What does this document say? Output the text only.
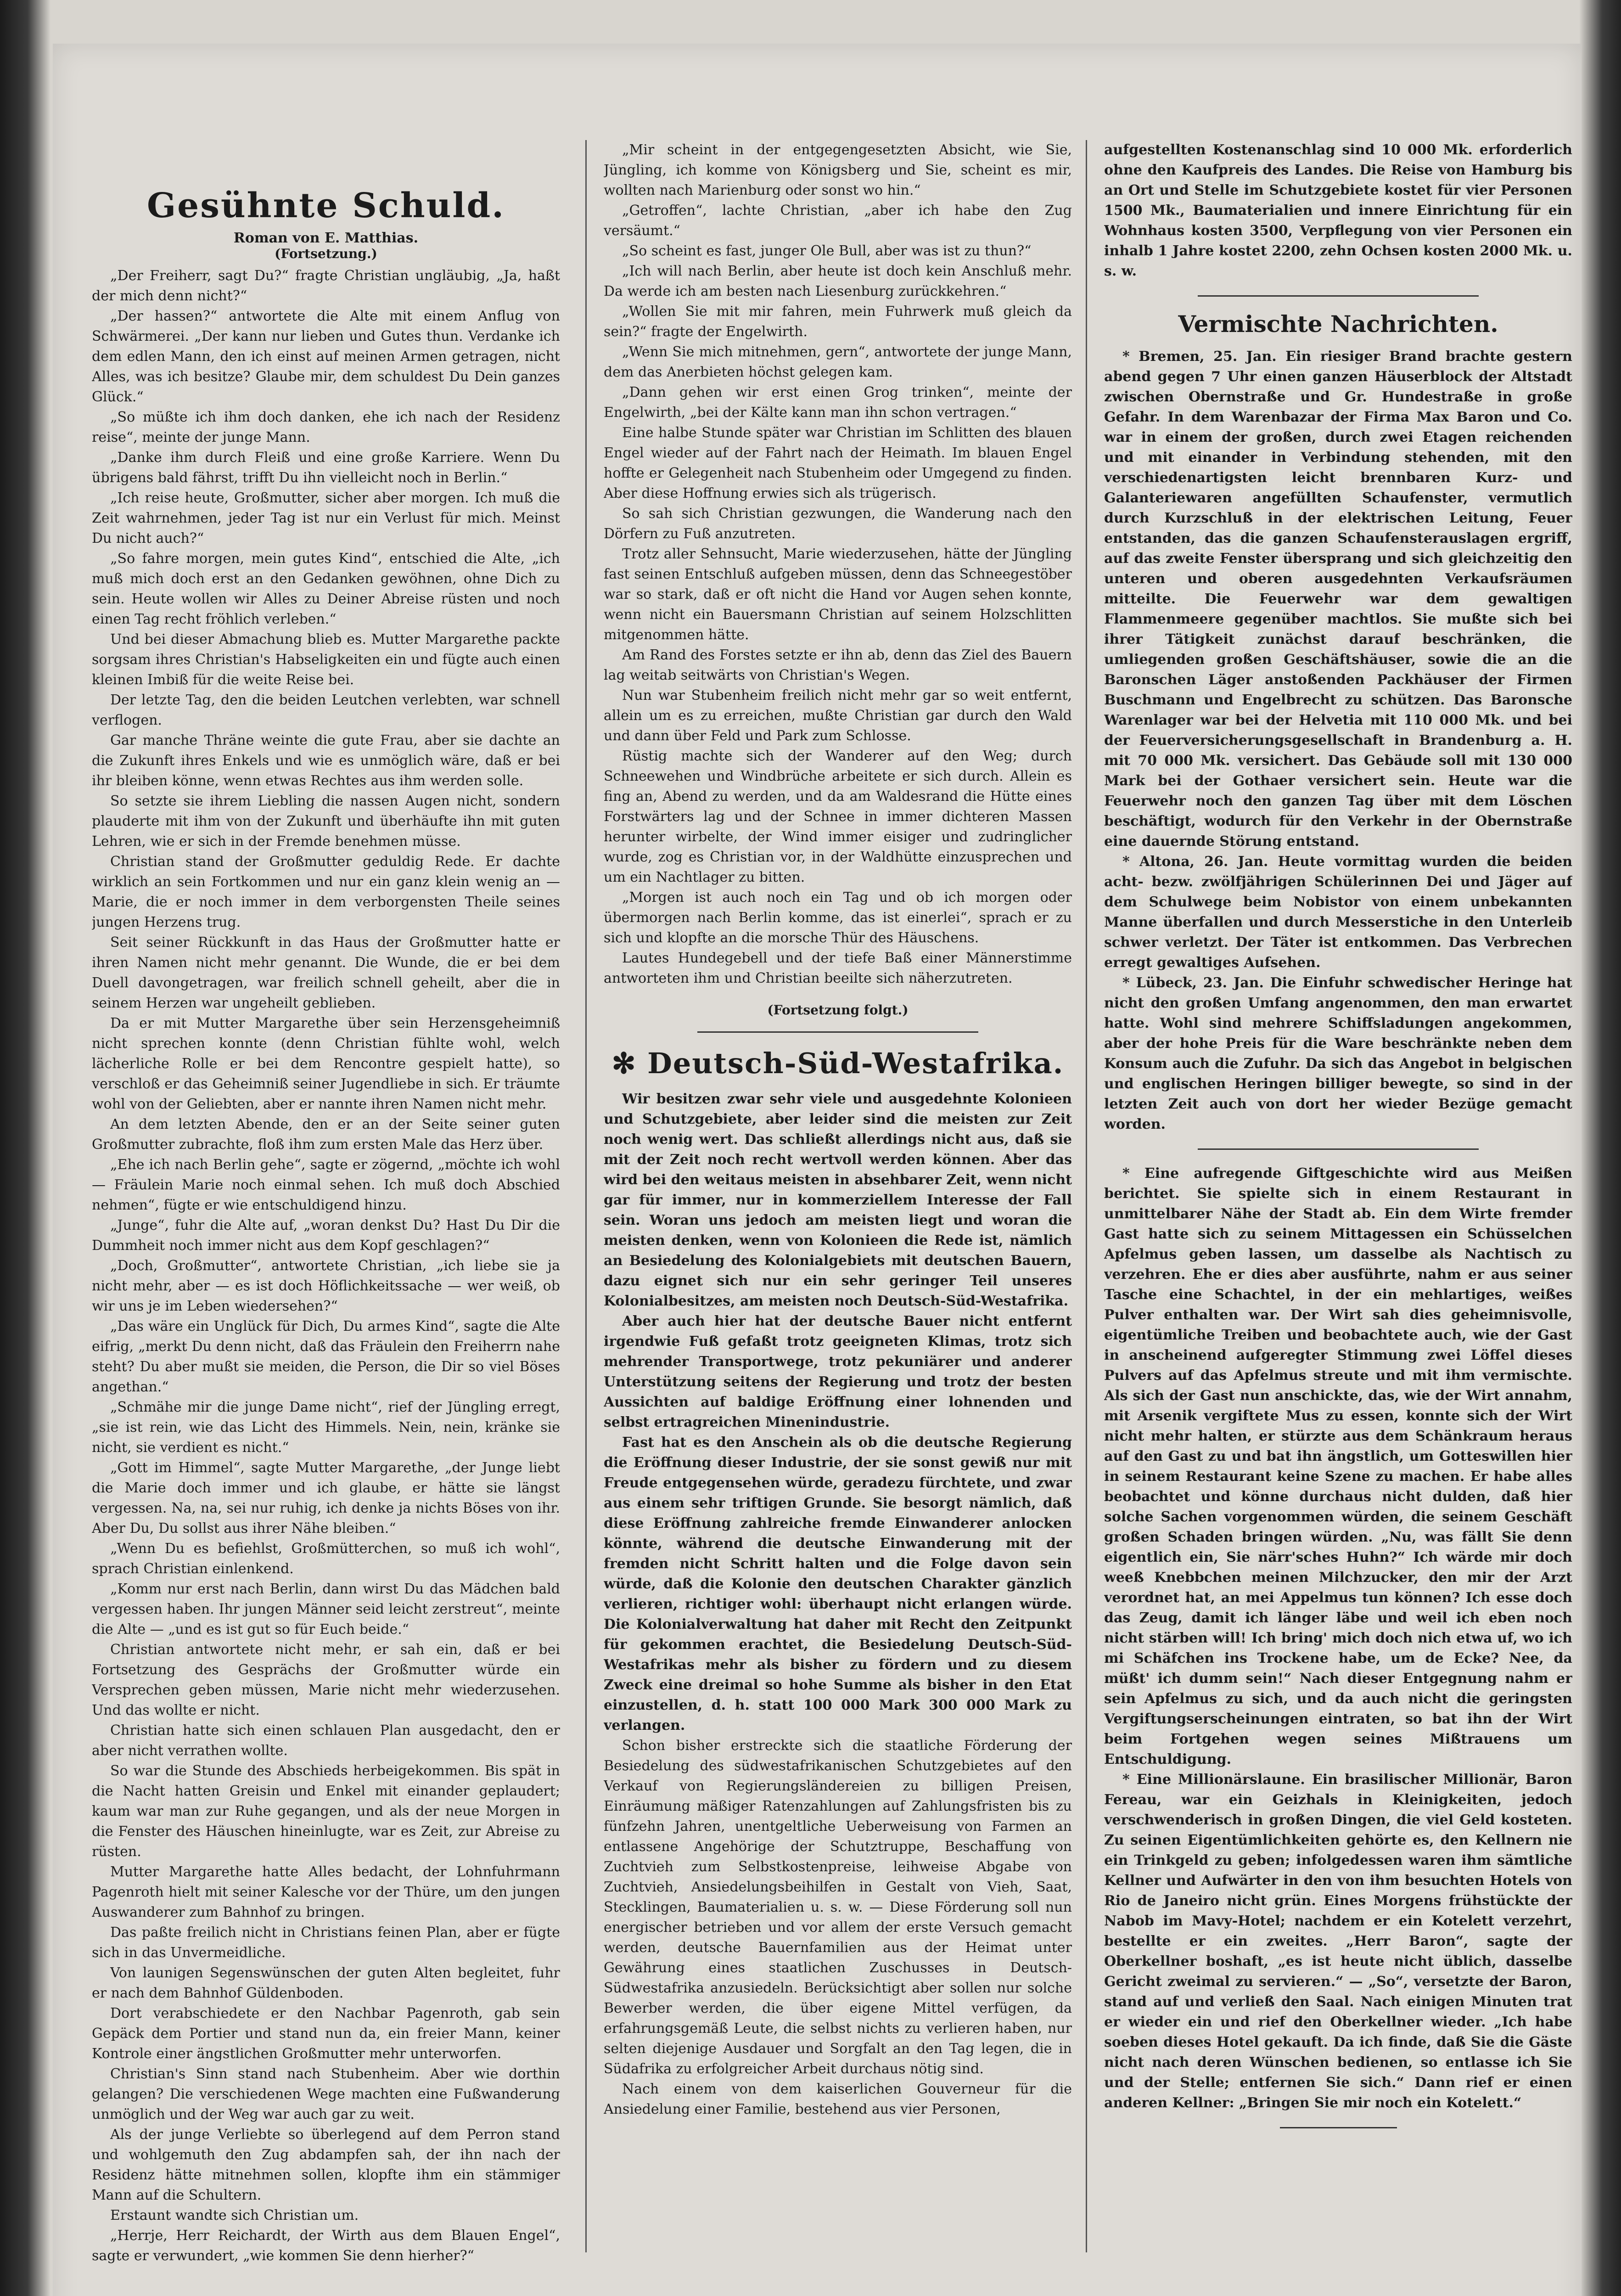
Gesühnte Schuld.

Roman von E. Matthias.

(Fortsetzung.)

„Der Freiherr, sagt Du?“ fragte Christian ungläubig, „Ja, haßt der mich denn nicht?“

„Der hassen?“ antwortete die Alte mit einem Anflug von Schwärmerei. „Der kann nur lieben und Gutes thun. Verdanke ich dem edlen Mann, den ich einst auf meinen Armen getragen, nicht Alles, was ich besitze? Glaube mir, dem schuldest Du Dein ganzes Glück.“

„So müßte ich ihm doch danken, ehe ich nach der Residenz reise“, meinte der junge Mann.

„Danke ihm durch Fleiß und eine große Karriere. Wenn Du übrigens bald fährst, trifft Du ihn vielleicht noch in Berlin.“

„Ich reise heute, Großmutter, sicher aber morgen. Ich muß die Zeit wahrnehmen, jeder Tag ist nur ein Verlust für mich. Meinst Du nicht auch?“

„So fahre morgen, mein gutes Kind“, entschied die Alte, „ich muß mich doch erst an den Gedanken gewöhnen, ohne Dich zu sein. Heute wollen wir Alles zu Deiner Abreise rüsten und noch einen Tag recht fröhlich verleben.“

Und bei dieser Abmachung blieb es. Mutter Margarethe packte sorgsam ihres Christian's Habseligkeiten ein und fügte auch einen kleinen Imbiß für die weite Reise bei.

Der letzte Tag, den die beiden Leutchen verlebten, war schnell verflogen.

Gar manche Thräne weinte die gute Frau, aber sie dachte an die Zukunft ihres Enkels und wie es unmöglich wäre, daß er bei ihr bleiben könne, wenn etwas Rechtes aus ihm werden solle.

So setzte sie ihrem Liebling die nassen Augen nicht, sondern plauderte mit ihm von der Zukunft und überhäufte ihn mit guten Lehren, wie er sich in der Fremde benehmen müsse.

Christian stand der Großmutter geduldig Rede. Er dachte wirklich an sein Fortkommen und nur ein ganz klein wenig an — Marie, die er noch immer in dem verborgensten Theile seines jungen Herzens trug.

Seit seiner Rückkunft in das Haus der Großmutter hatte er ihren Namen nicht mehr genannt. Die Wunde, die er bei dem Duell davongetragen, war freilich schnell geheilt, aber die in seinem Herzen war ungeheilt geblieben.

Da er mit Mutter Margarethe über sein Herzensgeheimniß nicht sprechen konnte (denn Christian fühlte wohl, welch lächerliche Rolle er bei dem Rencontre gespielt hatte), so verschloß er das Geheimniß seiner Jugendliebe in sich. Er träumte wohl von der Geliebten, aber er nannte ihren Namen nicht mehr.

An dem letzten Abende, den er an der Seite seiner guten Großmutter zubrachte, floß ihm zum ersten Male das Herz über.

„Ehe ich nach Berlin gehe“, sagte er zögernd, „möchte ich wohl — Fräulein Marie noch einmal sehen. Ich muß doch Abschied nehmen“, fügte er wie entschuldigend hinzu.

„Junge“, fuhr die Alte auf, „woran denkst Du? Hast Du Dir die Dummheit noch immer nicht aus dem Kopf geschlagen?“

„Doch, Großmutter“, antwortete Christian, „ich liebe sie ja nicht mehr, aber — es ist doch Höflichkeitssache — wer weiß, ob wir uns je im Leben wiedersehen?“

„Das wäre ein Unglück für Dich, Du armes Kind“, sagte die Alte eifrig, „merkt Du denn nicht, daß das Fräulein den Freiherrn nahe steht? Du aber mußt sie meiden, die Person, die Dir so viel Böses angethan.“

„Schmähe mir die junge Dame nicht“, rief der Jüngling erregt, „sie ist rein, wie das Licht des Himmels. Nein, nein, kränke sie nicht, sie verdient es nicht.“

„Gott im Himmel“, sagte Mutter Margarethe, „der Junge liebt die Marie doch immer und ich glaube, er hätte sie längst vergessen. Na, na, sei nur ruhig, ich denke ja nichts Böses von ihr. Aber Du, Du sollst aus ihrer Nähe bleiben.“

„Wenn Du es befiehlst, Großmütterchen, so muß ich wohl“, sprach Christian einlenkend.

„Komm nur erst nach Berlin, dann wirst Du das Mädchen bald vergessen haben. Ihr jungen Männer seid leicht zerstreut“, meinte die Alte — „und es ist gut so für Euch beide.“

Christian antwortete nicht mehr, er sah ein, daß er bei Fortsetzung des Gesprächs der Großmutter würde ein Versprechen geben müssen, Marie nicht mehr wiederzusehen. Und das wollte er nicht.

Christian hatte sich einen schlauen Plan ausgedacht, den er aber nicht verrathen wollte.

So war die Stunde des Abschieds herbeigekommen. Bis spät in die Nacht hatten Greisin und Enkel mit einander geplaudert; kaum war man zur Ruhe gegangen, und als der neue Morgen in die Fenster des Häuschen hineinlugte, war es Zeit, zur Abreise zu rüsten.

Mutter Margarethe hatte Alles bedacht, der Lohnfuhrmann Pagenroth hielt mit seiner Kalesche vor der Thüre, um den jungen Auswanderer zum Bahnhof zu bringen.

Das paßte freilich nicht in Christians feinen Plan, aber er fügte sich in das Unvermeidliche.

Von launigen Segenswünschen der guten Alten begleitet, fuhr er nach dem Bahnhof Güldenboden.

Dort verabschiedete er den Nachbar Pagenroth, gab sein Gepäck dem Portier und stand nun da, ein freier Mann, keiner Kontrole einer ängstlichen Großmutter mehr unterworfen.

Christian's Sinn stand nach Stubenheim. Aber wie dorthin gelangen? Die verschiedenen Wege machten eine Fußwanderung unmöglich und der Weg war auch gar zu weit.

Als der junge Verliebte so überlegend auf dem Perron stand und wohlgemuth den Zug abdampfen sah, der ihn nach der Residenz hätte mitnehmen sollen, klopfte ihm ein stämmiger Mann auf die Schultern.

Erstaunt wandte sich Christian um.

„Herrje, Herr Reichardt, der Wirth aus dem Blauen Engel“, sagte er verwundert, „wie kommen Sie denn hierher?“

„Mir scheint in der entgegengesetzten Absicht, wie Sie, Jüngling, ich komme von Königsberg und Sie, scheint es mir, wollten nach Marienburg oder sonst wo hin.“

„Getroffen“, lachte Christian, „aber ich habe den Zug versäumt.“

„So scheint es fast, junger Ole Bull, aber was ist zu thun?“

„Ich will nach Berlin, aber heute ist doch kein Anschluß mehr. Da werde ich am besten nach Liesenburg zurückkehren.“

„Wollen Sie mit mir fahren, mein Fuhrwerk muß gleich da sein?“ fragte der Engelwirth.

„Wenn Sie mich mitnehmen, gern“, antwortete der junge Mann, dem das Anerbieten höchst gelegen kam.

„Dann gehen wir erst einen Grog trinken“, meinte der Engelwirth, „bei der Kälte kann man ihn schon vertragen.“

Eine halbe Stunde später war Christian im Schlitten des blauen Engel wieder auf der Fahrt nach der Heimath. Im blauen Engel hoffte er Gelegenheit nach Stubenheim oder Umgegend zu finden. Aber diese Hoffnung erwies sich als trügerisch.

So sah sich Christian gezwungen, die Wanderung nach den Dörfern zu Fuß anzutreten.

Trotz aller Sehnsucht, Marie wiederzusehen, hätte der Jüngling fast seinen Entschluß aufgeben müssen, denn das Schneegestöber war so stark, daß er oft nicht die Hand vor Augen sehen konnte, wenn nicht ein Bauersmann Christian auf seinem Holzschlitten mitgenommen hätte.

Am Rand des Forstes setzte er ihn ab, denn das Ziel des Bauern lag weitab seitwärts von Christian's Wegen.

Nun war Stubenheim freilich nicht mehr gar so weit entfernt, allein um es zu erreichen, mußte Christian gar durch den Wald und dann über Feld und Park zum Schlosse.

Rüstig machte sich der Wanderer auf den Weg; durch Schneewehen und Windbrüche arbeitete er sich durch. Allein es fing an, Abend zu werden, und da am Waldesrand die Hütte eines Forstwärters lag und der Schnee in immer dichteren Massen herunter wirbelte, der Wind immer eisiger und zudringlicher wurde, zog es Christian vor, in der Waldhütte einzusprechen und um ein Nachtlager zu bitten.

„Morgen ist auch noch ein Tag und ob ich morgen oder übermorgen nach Berlin komme, das ist einerlei“, sprach er zu sich und klopfte an die morsche Thür des Häuschens.

Lautes Hundegebell und der tiefe Baß einer Männerstimme antworteten ihm und Christian beeilte sich näherzutreten.

(Fortsetzung folgt.)

✻ Deutsch-Süd-Westafrika.

Wir besitzen zwar sehr viele und ausgedehnte Kolonieen und Schutzgebiete, aber leider sind die meisten zur Zeit noch wenig wert. Das schließt allerdings nicht aus, daß sie mit der Zeit noch recht wertvoll werden können. Aber das wird bei den weitaus meisten in absehbarer Zeit, wenn nicht gar für immer, nur in kommerziellem Interesse der Fall sein. Woran uns jedoch am meisten liegt und woran die meisten denken, wenn von Kolonieen die Rede ist, nämlich an Besiedelung des Kolonialgebiets mit deutschen Bauern, dazu eignet sich nur ein sehr geringer Teil unseres Kolonialbesitzes, am meisten noch Deutsch-Süd-Westafrika.

Aber auch hier hat der deutsche Bauer nicht entfernt irgendwie Fuß gefaßt trotz geeigneten Klimas, trotz sich mehrender Transportwege, trotz pekuniärer und anderer Unterstützung seitens der Regierung und trotz der besten Aussichten auf baldige Eröffnung einer lohnenden und selbst ertragreichen Minenindustrie.

Fast hat es den Anschein als ob die deutsche Regierung die Eröffnung dieser Industrie, der sie sonst gewiß nur mit Freude entgegensehen würde, geradezu fürchtete, und zwar aus einem sehr triftigen Grunde. Sie besorgt nämlich, daß diese Eröffnung zahlreiche fremde Einwanderer anlocken könnte, während die deutsche Einwanderung mit der fremden nicht Schritt halten und die Folge davon sein würde, daß die Kolonie den deutschen Charakter gänzlich verlieren, richtiger wohl: überhaupt nicht erlangen würde. Die Kolonialverwaltung hat daher mit Recht den Zeitpunkt für gekommen erachtet, die Besiedelung Deutsch-Süd-Westafrikas mehr als bisher zu fördern und zu diesem Zweck eine dreimal so hohe Summe als bisher in den Etat einzustellen, d. h. statt 100 000 Mark 300 000 Mark zu verlangen.

Schon bisher erstreckte sich die staatliche Förderung der Besiedelung des südwestafrikanischen Schutzgebietes auf den Verkauf von Regierungsländereien zu billigen Preisen, Einräumung mäßiger Ratenzahlungen auf Zahlungsfristen bis zu fünfzehn Jahren, unentgeltliche Ueberweisung von Farmen an entlassene Angehörige der Schutztruppe, Beschaffung von Zuchtvieh zum Selbstkostenpreise, leihweise Abgabe von Zuchtvieh, Ansiedelungsbeihilfen in Gestalt von Vieh, Saat, Stecklingen, Baumaterialien u. s. w. — Diese Förderung soll nun energischer betrieben und vor allem der erste Versuch gemacht werden, deutsche Bauernfamilien aus der Heimat unter Gewährung eines staatlichen Zuschusses in Deutsch-Südwestafrika anzusiedeln. Berücksichtigt aber sollen nur solche Bewerber werden, die über eigene Mittel verfügen, da erfahrungsgemäß Leute, die selbst nichts zu verlieren haben, nur selten diejenige Ausdauer und Sorgfalt an den Tag legen, die in Südafrika zu erfolgreicher Arbeit durchaus nötig sind.

Nach einem von dem kaiserlichen Gouverneur für die Ansiedelung einer Familie, bestehend aus vier Personen,

aufgestellten Kostenanschlag sind 10 000 Mk. erforderlich ohne den Kaufpreis des Landes. Die Reise von Hamburg bis an Ort und Stelle im Schutzgebiete kostet für vier Personen 1500 Mk., Baumaterialien und innere Einrichtung für ein Wohnhaus kosten 3500, Verpflegung von vier Personen ein inhalb 1 Jahre kostet 2200, zehn Ochsen kosten 2000 Mk. u. s. w.

Vermischte Nachrichten.

* Bremen, 25. Jan. Ein riesiger Brand brachte gestern abend gegen 7 Uhr einen ganzen Häuserblock der Altstadt zwischen Obernstraße und Gr. Hundestraße in große Gefahr. In dem Warenbazar der Firma Max Baron und Co. war in einem der großen, durch zwei Etagen reichenden und mit einander in Verbindung stehenden, mit den verschiedenartigsten leicht brennbaren Kurz- und Galanteriewaren angefüllten Schaufenster, vermutlich durch Kurzschluß in der elektrischen Leitung, Feuer entstanden, das die ganzen Schaufensterauslagen ergriff, auf das zweite Fenster übersprang und sich gleichzeitig den unteren und oberen ausgedehnten Verkaufsräumen mitteilte. Die Feuerwehr war dem gewaltigen Flammenmeere gegenüber machtlos. Sie mußte sich bei ihrer Tätigkeit zunächst darauf beschränken, die umliegenden großen Geschäftshäuser, sowie die an die Baronschen Läger anstoßenden Packhäuser der Firmen Buschmann und Engelbrecht zu schützen. Das Baronsche Warenlager war bei der Helvetia mit 110 000 Mk. und bei der Feuerversicherungsgesellschaft in Brandenburg a. H. mit 70 000 Mk. versichert. Das Gebäude soll mit 130 000 Mark bei der Gothaer versichert sein. Heute war die Feuerwehr noch den ganzen Tag über mit dem Löschen beschäftigt, wodurch für den Verkehr in der Obernstraße eine dauernde Störung entstand.

* Altona, 26. Jan. Heute vormittag wurden die beiden acht- bezw. zwölfjährigen Schülerinnen Dei und Jäger auf dem Schulwege beim Nobistor von einem unbekannten Manne überfallen und durch Messerstiche in den Unterleib schwer verletzt. Der Täter ist entkommen. Das Verbrechen erregt gewaltiges Aufsehen.

* Lübeck, 23. Jan. Die Einfuhr schwedischer Heringe hat nicht den großen Umfang angenommen, den man erwartet hatte. Wohl sind mehrere Schiffsladungen angekommen, aber der hohe Preis für die Ware beschränkte neben dem Konsum auch die Zufuhr. Da sich das Angebot in belgischen und englischen Heringen billiger bewegte, so sind in der letzten Zeit auch von dort her wieder Bezüge gemacht worden.

* Eine aufregende Giftgeschichte wird aus Meißen berichtet. Sie spielte sich in einem Restaurant in unmittelbarer Nähe der Stadt ab. Ein dem Wirte fremder Gast hatte sich zu seinem Mittagessen ein Schüsselchen Apfelmus geben lassen, um dasselbe als Nachtisch zu verzehren. Ehe er dies aber ausführte, nahm er aus seiner Tasche eine Schachtel, in der ein mehlartiges, weißes Pulver enthalten war. Der Wirt sah dies geheimnisvolle, eigentümliche Treiben und beobachtete auch, wie der Gast in anscheinend aufgeregter Stimmung zwei Löffel dieses Pulvers auf das Apfelmus streute und mit ihm vermischte. Als sich der Gast nun anschickte, das, wie der Wirt annahm, mit Arsenik vergiftete Mus zu essen, konnte sich der Wirt nicht mehr halten, er stürzte aus dem Schänkraum heraus auf den Gast zu und bat ihn ängstlich, um Gotteswillen hier in seinem Restaurant keine Szene zu machen. Er habe alles beobachtet und könne durchaus nicht dulden, daß hier solche Sachen vorgenommen würden, die seinem Geschäft großen Schaden bringen würden. „Nu, was fällt Sie denn eigentlich ein, Sie närr'sches Huhn?“ Ich wärde mir doch weeß Knebbchen meinen Milchzucker, den mir der Arzt verordnet hat, an mei Appelmus tun können? Ich esse doch das Zeug, damit ich länger läbe und weil ich eben noch nicht stärben will! Ich bring' mich doch nich etwa uf, wo ich mi Schäfchen ins Trockene habe, um de Ecke? Nee, da müßt' ich dumm sein!“ Nach dieser Entgegnung nahm er sein Apfelmus zu sich, und da auch nicht die geringsten Vergiftungserscheinungen eintraten, so bat ihn der Wirt beim Fortgehen wegen seines Mißtrauens um Entschuldigung.

* Eine Millionärslaune. Ein brasilischer Millionär, Baron Fereau, war ein Geizhals in Kleinigkeiten, jedoch verschwenderisch in großen Dingen, die viel Geld kosteten. Zu seinen Eigentümlichkeiten gehörte es, den Kellnern nie ein Trinkgeld zu geben; infolgedessen waren ihm sämtliche Kellner und Aufwärter in den von ihm besuchten Hotels von Rio de Janeiro nicht grün. Eines Morgens frühstückte der Nabob im Mavy-Hotel; nachdem er ein Kotelett verzehrt, bestellte er ein zweites. „Herr Baron“, sagte der Oberkellner boshaft, „es ist heute nicht üblich, dasselbe Gericht zweimal zu servieren.“ — „So“, versetzte der Baron, stand auf und verließ den Saal. Nach einigen Minuten trat er wieder ein und rief den Oberkellner wieder. „Ich habe soeben dieses Hotel gekauft. Da ich finde, daß Sie die Gäste nicht nach deren Wünschen bedienen, so entlasse ich Sie und der Stelle; entfernen Sie sich.“ Dann rief er einen anderen Kellner: „Bringen Sie mir noch ein Kotelett.“
